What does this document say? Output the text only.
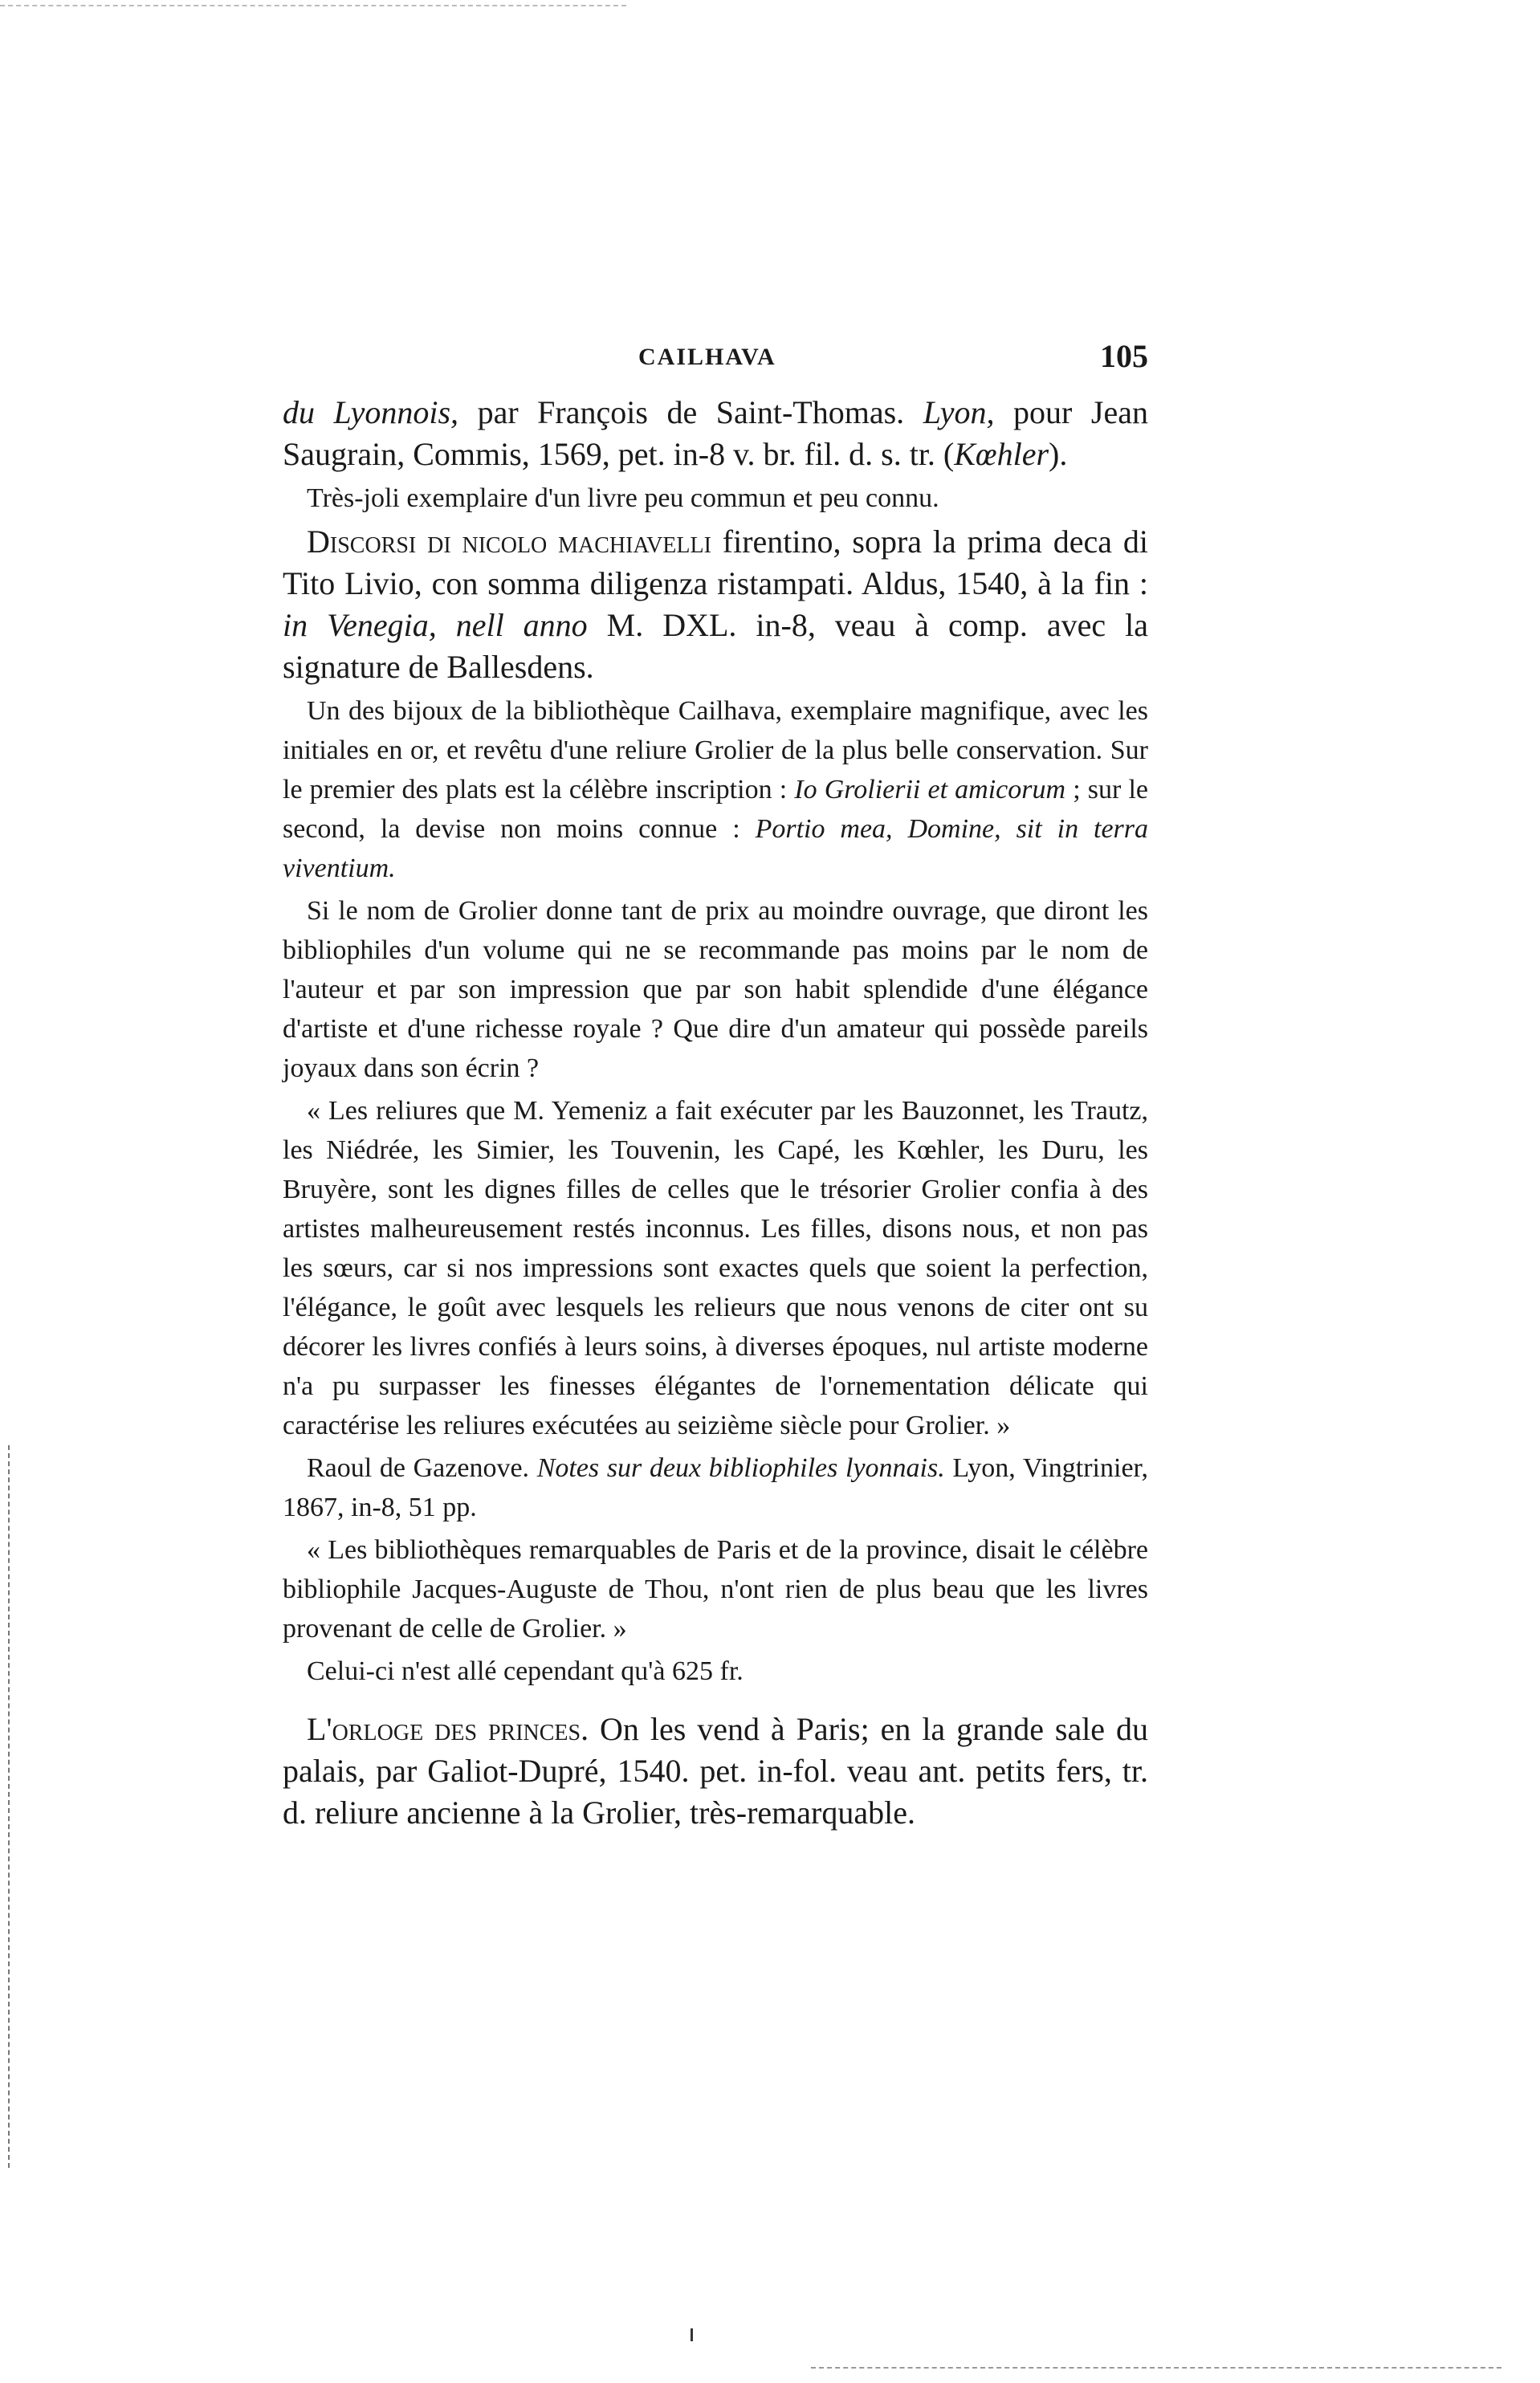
CAILHAVA	105

du Lyonnois, par François de Saint-Thomas. Lyon, pour Jean Saugrain, Commis, 1569, pet. in-8 v. br. fil. d. s. tr. (Kœhler).

Très-joli exemplaire d'un livre peu commun et peu connu.

Discorsi di nicolo machiavelli firentino, sopra la prima deca di Tito Livio, con somma diligenza ristampati. Aldus, 1540, à la fin : in Venegia, nell anno M. DXL. in-8, veau à comp. avec la signature de Ballesdens.

Un des bijoux de la bibliothèque Cailhava, exemplaire magnifique, avec les initiales en or, et revêtu d'une reliure Grolier de la plus belle conservation. Sur le premier des plats est la célèbre inscription : Io Grolierii et amicorum ; sur le second, la devise non moins connue : Portio mea, Domine, sit in terra viventium.

Si le nom de Grolier donne tant de prix au moindre ouvrage, que diront les bibliophiles d'un volume qui ne se recommande pas moins par le nom de l'auteur et par son impression que par son habit splendide d'une élégance d'artiste et d'une richesse royale ? Que dire d'un amateur qui possède pareils joyaux dans son écrin ?

« Les reliures que M. Yemeniz a fait exécuter par les Bauzonnet, les Trautz, les Niédrée, les Simier, les Touvenin, les Capé, les Kœhler, les Duru, les Bruyère, sont les dignes filles de celles que le trésorier Grolier confia à des artistes malheureusement restés inconnus. Les filles, disons nous, et non pas les sœurs, car si nos impressions sont exactes quels que soient la perfection, l'élégance, le goût avec lesquels les relieurs que nous venons de citer ont su décorer les livres confiés à leurs soins, à diverses époques, nul artiste moderne n'a pu surpasser les finesses élégantes de l'ornementation délicate qui caractérise les reliures exécutées au seizième siècle pour Grolier. »

Raoul de Gazenove. Notes sur deux bibliophiles lyonnais. Lyon, Vingtrinier, 1867, in-8, 51 pp.

« Les bibliothèques remarquables de Paris et de la province, disait le célèbre bibliophile Jacques-Auguste de Thou, n'ont rien de plus beau que les livres provenant de celle de Grolier. »

Celui-ci n'est allé cependant qu'à 625 fr.

L'orloge des princes. On les vend à Paris; en la grande sale du palais, par Galiot-Dupré, 1540. pet. in-fol. veau ant. petits fers, tr. d. reliure ancienne à la Grolier, très-remarquable.
